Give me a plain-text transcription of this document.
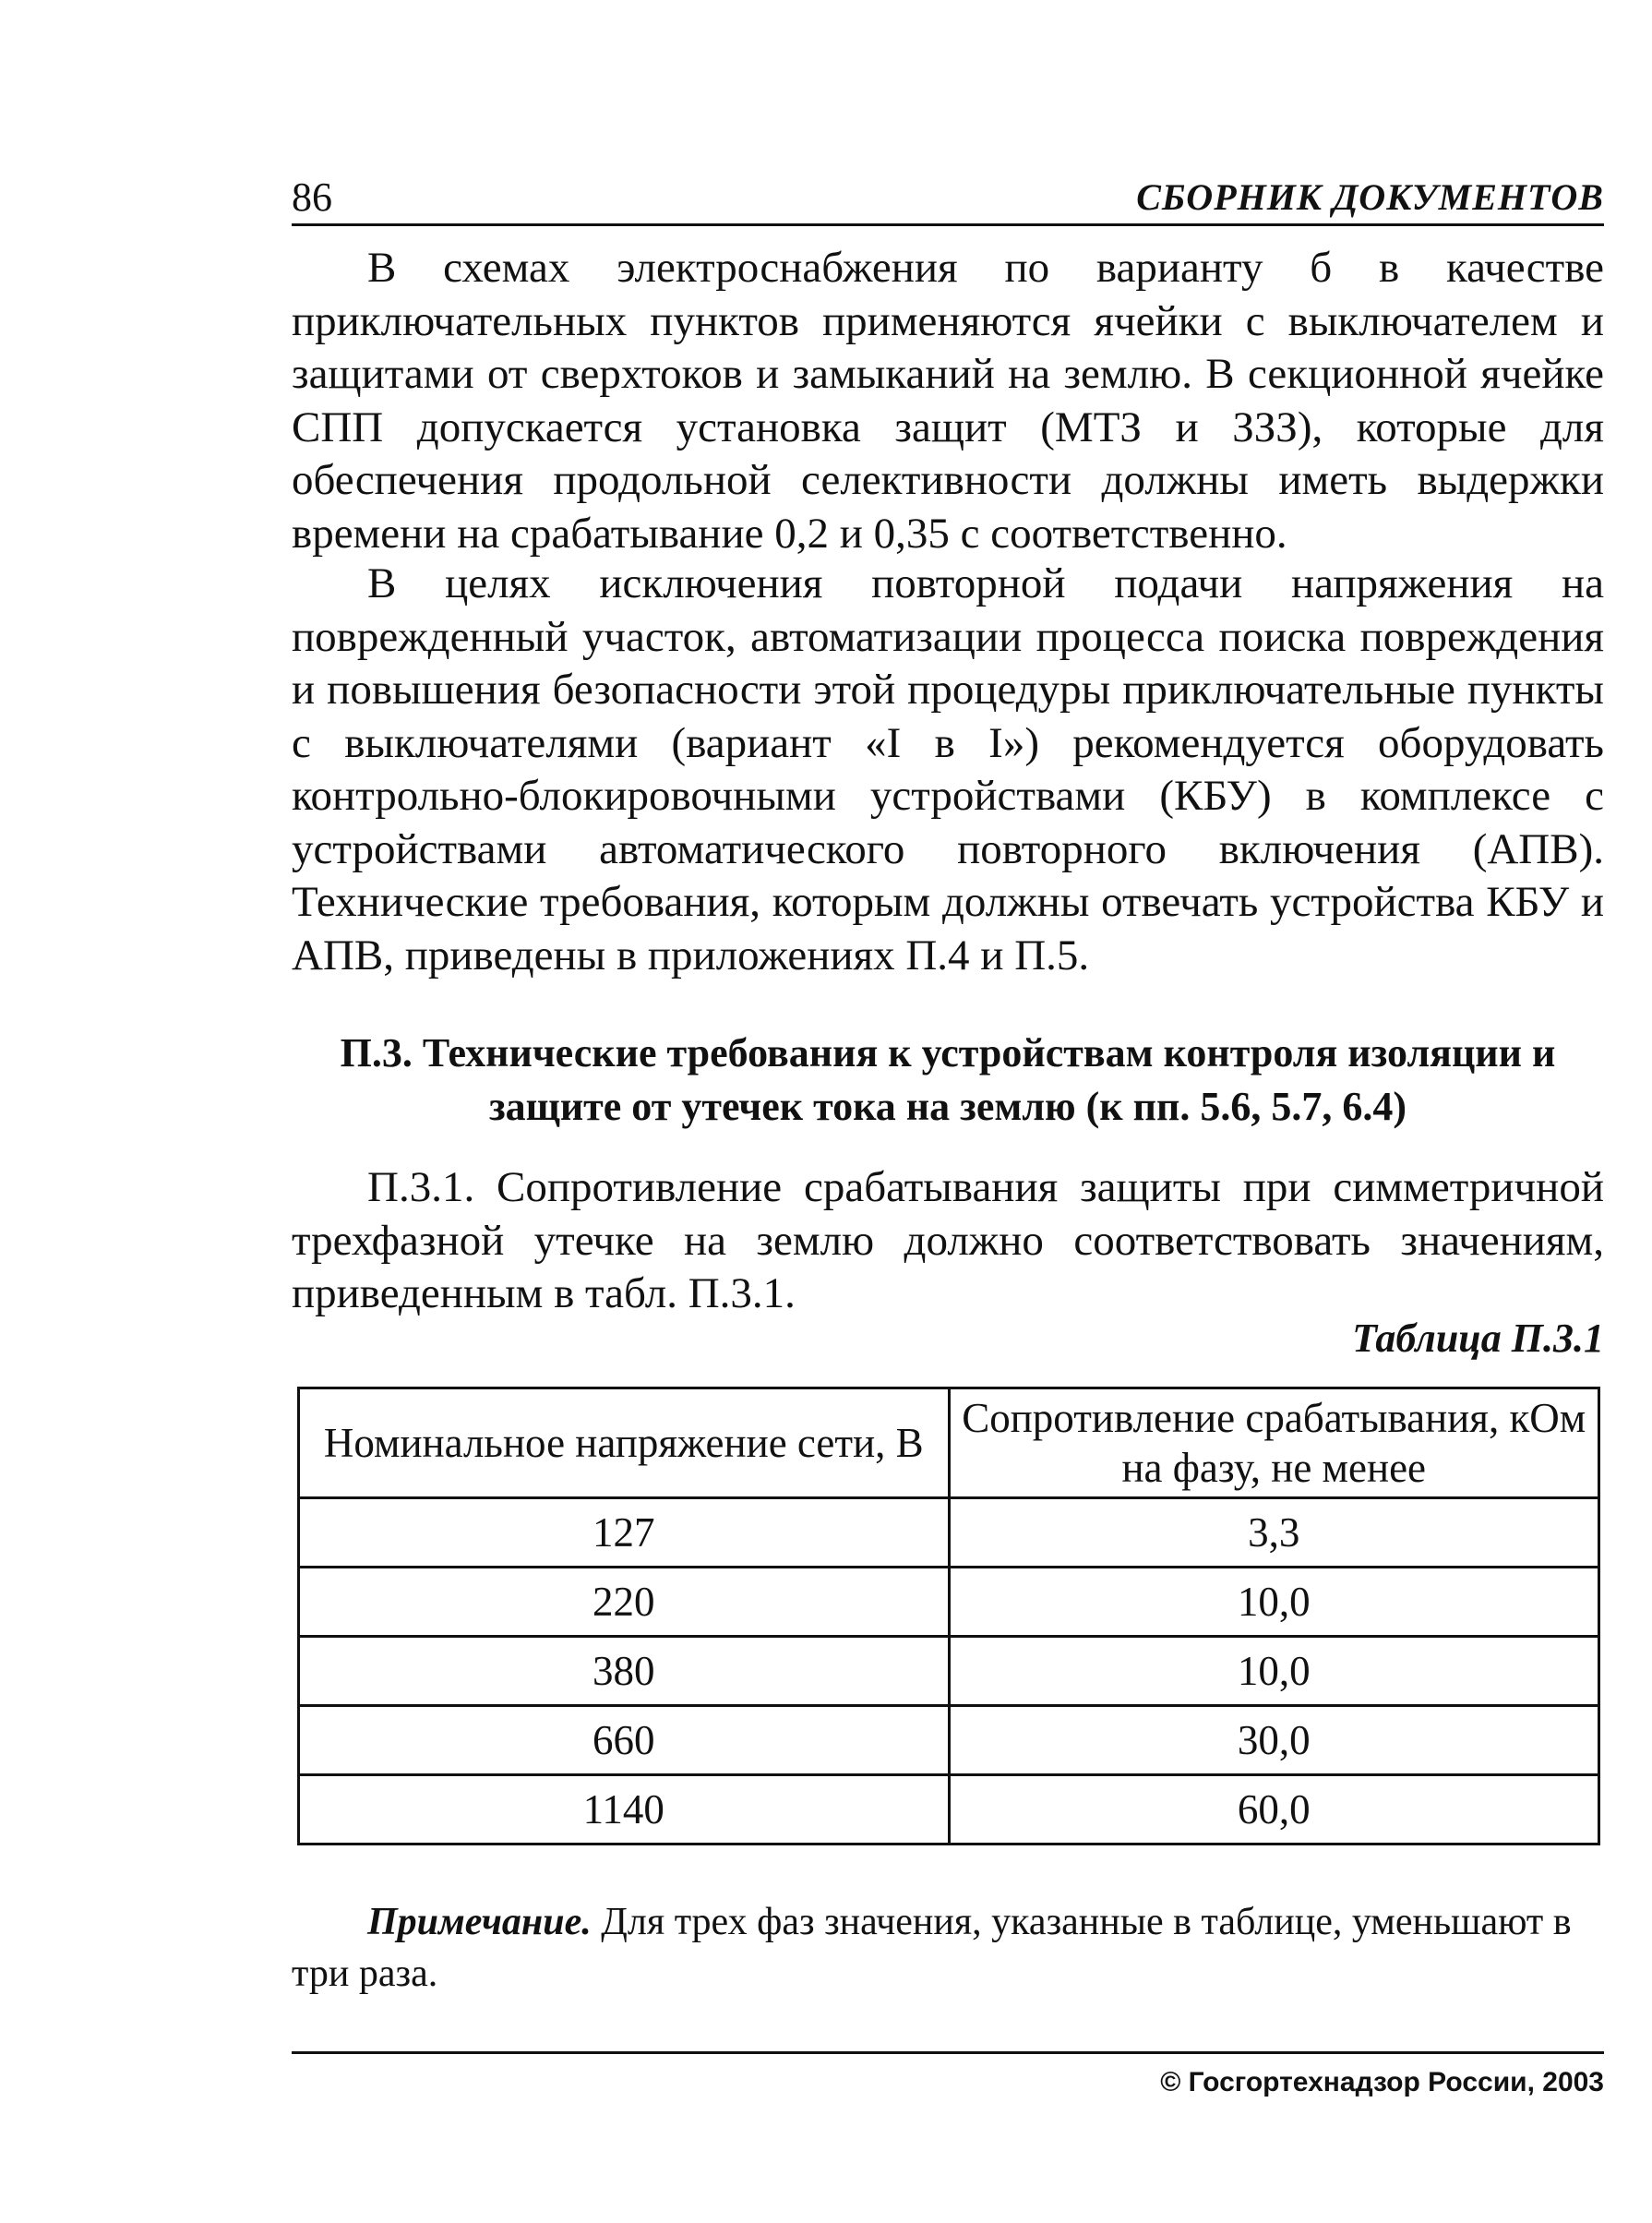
86	СБОРНИК ДОКУМЕНТОВ

В схемах электроснабжения по варианту б в качестве приключательных пунктов применяются ячейки с выключателем и защитами от сверхтоков и замыканий на землю. В секционной ячейке СПП допускается установка защит (МТЗ и ЗЗЗ), которые для обеспечения продольной селективности должны иметь выдержки времени на срабатывание 0,2 и 0,35 с соответственно.

В целях исключения повторной подачи напряжения на поврежденный участок, автоматизации процесса поиска повреждения и повышения безопасности этой процедуры приключательные пункты с выключателями (вариант «I в I») рекомендуется оборудовать контрольно-блокировочными устройствами (КБУ) в комплексе с устройствами автоматического повторного включения (АПВ). Технические требования, которым должны отвечать устройства КБУ и АПВ, приведены в приложениях П.4 и П.5.

П.3. Технические требования к устройствам контроля изоляции и защите от утечек тока на землю (к пп. 5.6, 5.7, 6.4)

П.3.1. Сопротивление срабатывания защиты при симметричной трехфазной утечке на землю должно соответствовать значениям, приведенным в табл. П.3.1.

Таблица П.3.1
Номинальное напряжение сети, В	Сопротивление срабатывания, кОм на фазу, не менее
127	3,3
220	10,0
380	10,0
660	30,0
1140	60,0

Примечание. Для трех фаз значения, указанные в таблице, уменьшают в три раза.

© Госгортехнадзор России, 2003
